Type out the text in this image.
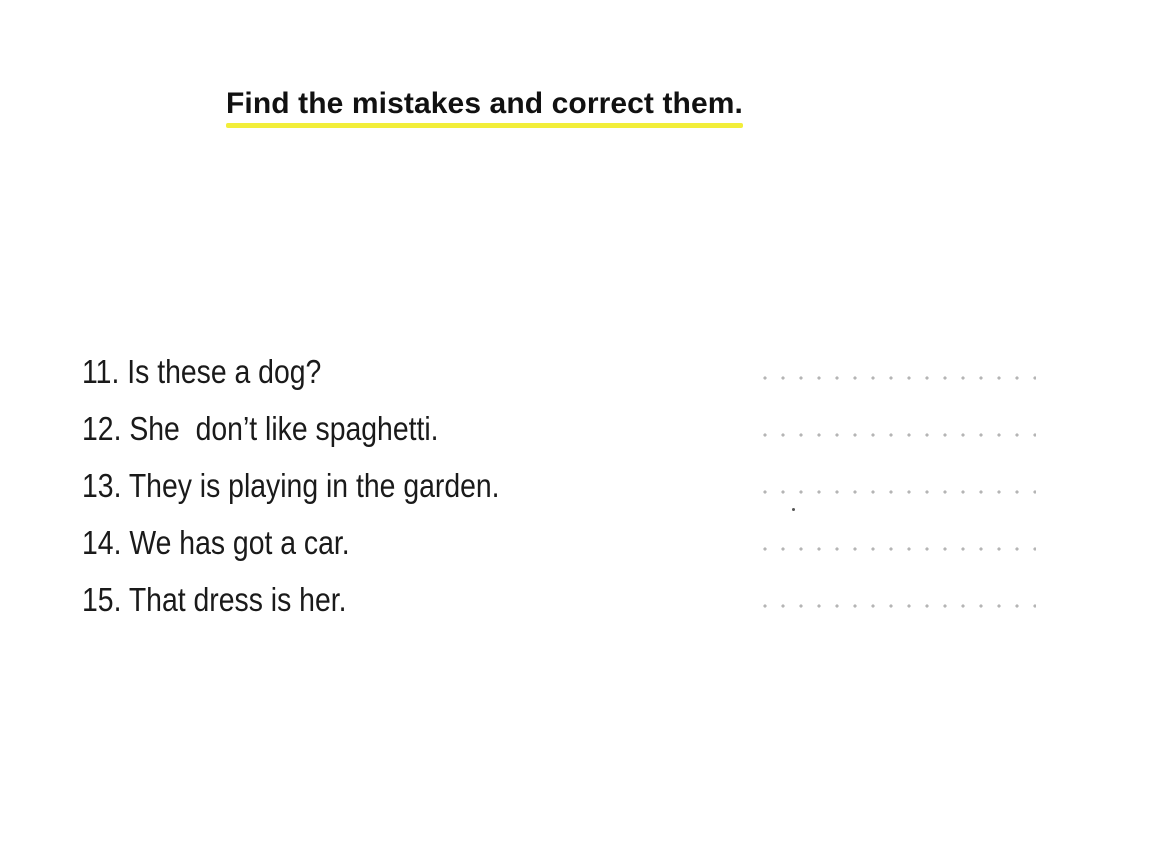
Find the mistakes and correct them.
11. Is these a dog?
12. She  don’t like spaghetti.
13. They is playing in the garden.
14. We has got a car.
15. That dress is her.
